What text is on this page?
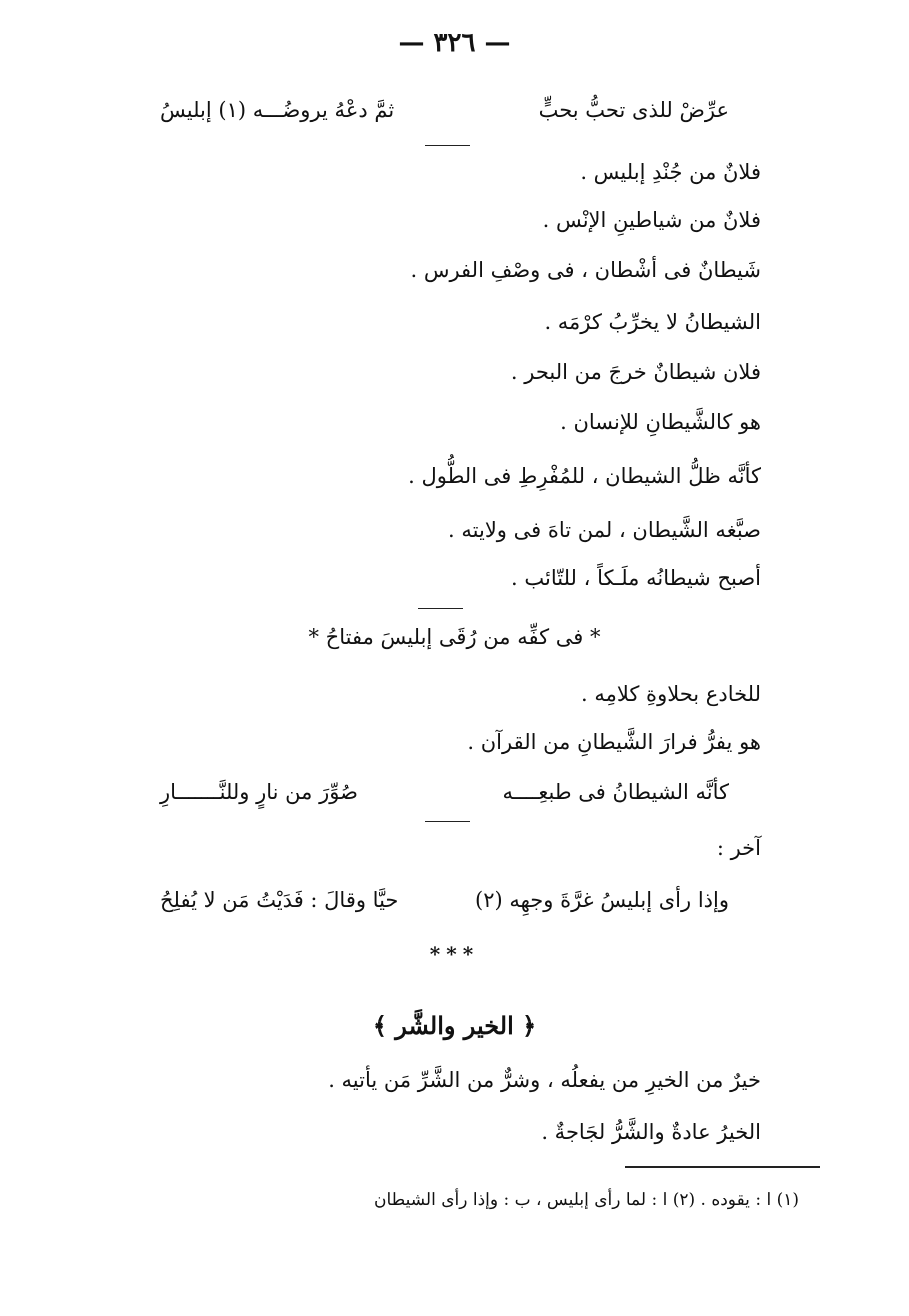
— ٣٢٦ —
عرِّضْ للذى تحبُّ بحبٍّ
ثمَّ دعْهُ يروضُـــه (١) إبليسُ
فلانٌ من جُنْدِ إبليس .
فلانٌ من شياطينِ الإنْس .
شَيطانٌ فى أشْطان ، فى وصْفِ الفرس .
الشيطانُ لا يخرِّبُ كرْمَه .
فلان شيطانٌ خرجَ من البحر .
هو كالشَّيطانِ للإنسان .
كأنَّه ظلُّ الشيطان ، للمُفْرِطِ فى الطُّول .
صبَّغه الشَّيطان ، لمن تاهَ فى ولايته .
أصبح شيطانُه ملَـكاً ، للتّائب .
* فى كفِّه من رُقَى إبليسَ مفتاحُ *
للخادع بحلاوةِ كلامِه .
هو يفرُّ فرارَ الشَّيطانِ من القرآن .
كأنَّه الشيطانُ فى طبعِــــه
صُوِّرَ من نارٍ وللنَّـــــــارِ
آخر :
وإذا رأى إبليسُ غرَّةَ وجهِه (٢)
حيَّا وقالَ : فَدَيْتُ مَن لا يُفلِحُ
***
﴿ الخير والشَّر ﴾
خيرٌ من الخيرِ من يفعلُه ، وشرٌّ من الشَّرِّ مَن يأتيه .
الخيرُ عادةٌ والشَّرُّ لجَاجةٌ .
(١) ا : يقوده . (٢) ا : لما رأى إبليس ، ب : وإذا رأى الشيطان
